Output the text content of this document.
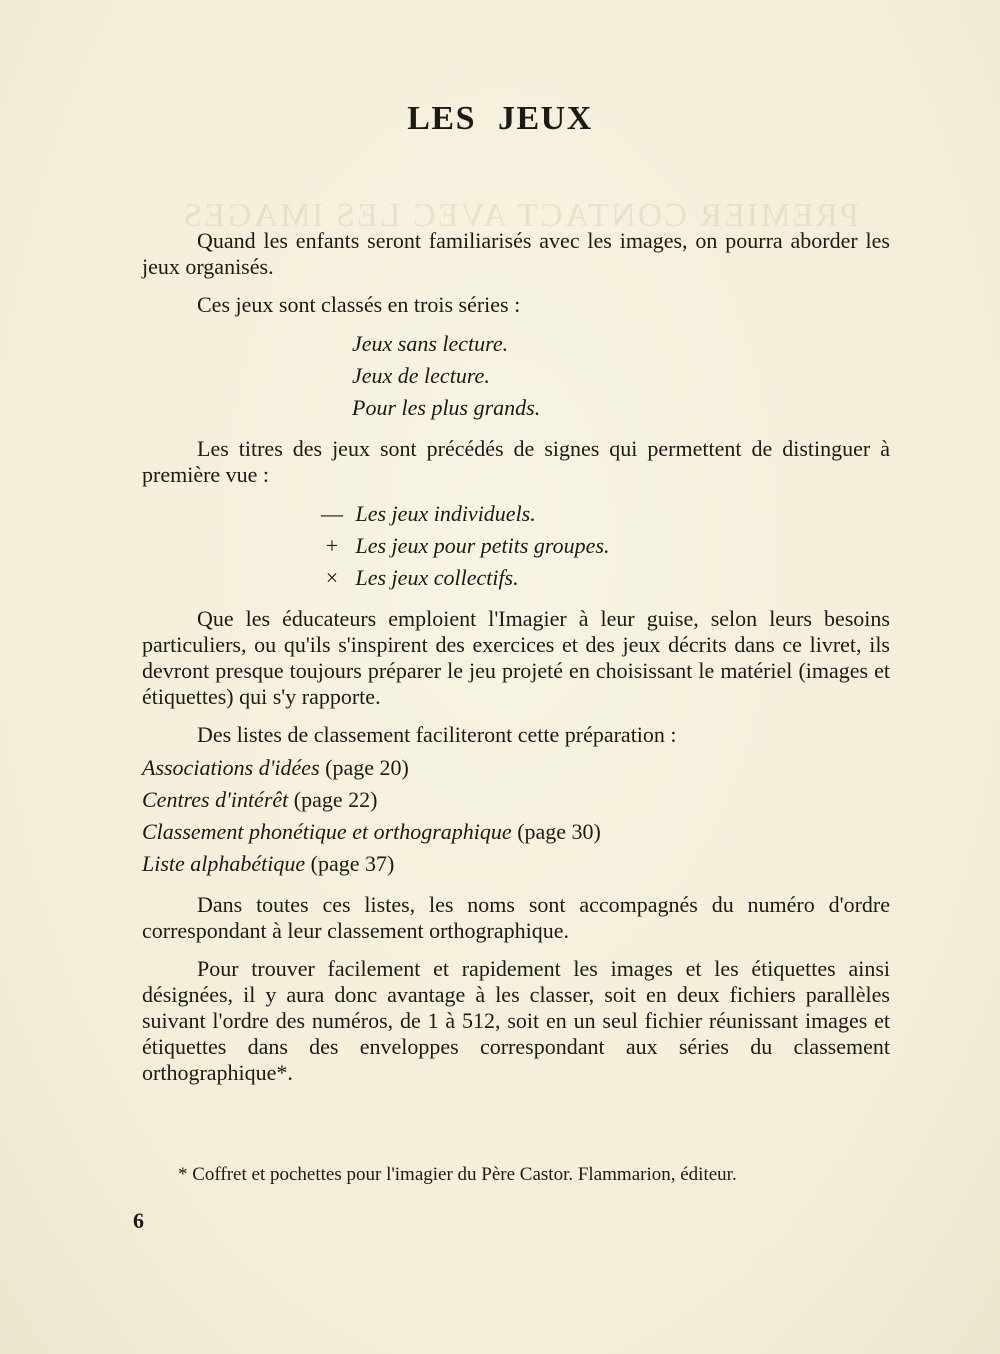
PREMIER CONTACT AVEC LES IMAGES
LES JEUX

Quand les enfants seront familiarisés avec les images, on pourra aborder les jeux organisés.

Ces jeux sont classés en trois séries :

Jeux sans lecture.
Jeux de lecture.
Pour les plus grands.

Les titres des jeux sont précédés de signes qui permettent de distinguer à première vue :

— Les jeux individuels.
+ Les jeux pour petits groupes.
× Les jeux collectifs.

Que les éducateurs emploient l'Imagier à leur guise, selon leurs besoins particuliers, ou qu'ils s'inspirent des exercices et des jeux décrits dans ce livret, ils devront presque toujours préparer le jeu projeté en choisissant le matériel (images et étiquettes) qui s'y rapporte.

Des listes de classement faciliteront cette préparation :

Associations d'idées (page 20)
Centres d'intérêt (page 22)
Classement phonétique et orthographique (page 30)
Liste alphabétique (page 37)

Dans toutes ces listes, les noms sont accompagnés du numéro d'ordre correspondant à leur classement orthographique.

Pour trouver facilement et rapidement les images et les étiquettes ainsi désignées, il y aura donc avantage à les classer, soit en deux fichiers parallèles suivant l'ordre des numéros, de 1 à 512, soit en un seul fichier réunissant images et étiquettes dans des enveloppes correspondant aux séries du classement orthographique*.

* Coffret et pochettes pour l'imagier du Père Castor. Flammarion, éditeur.
6
